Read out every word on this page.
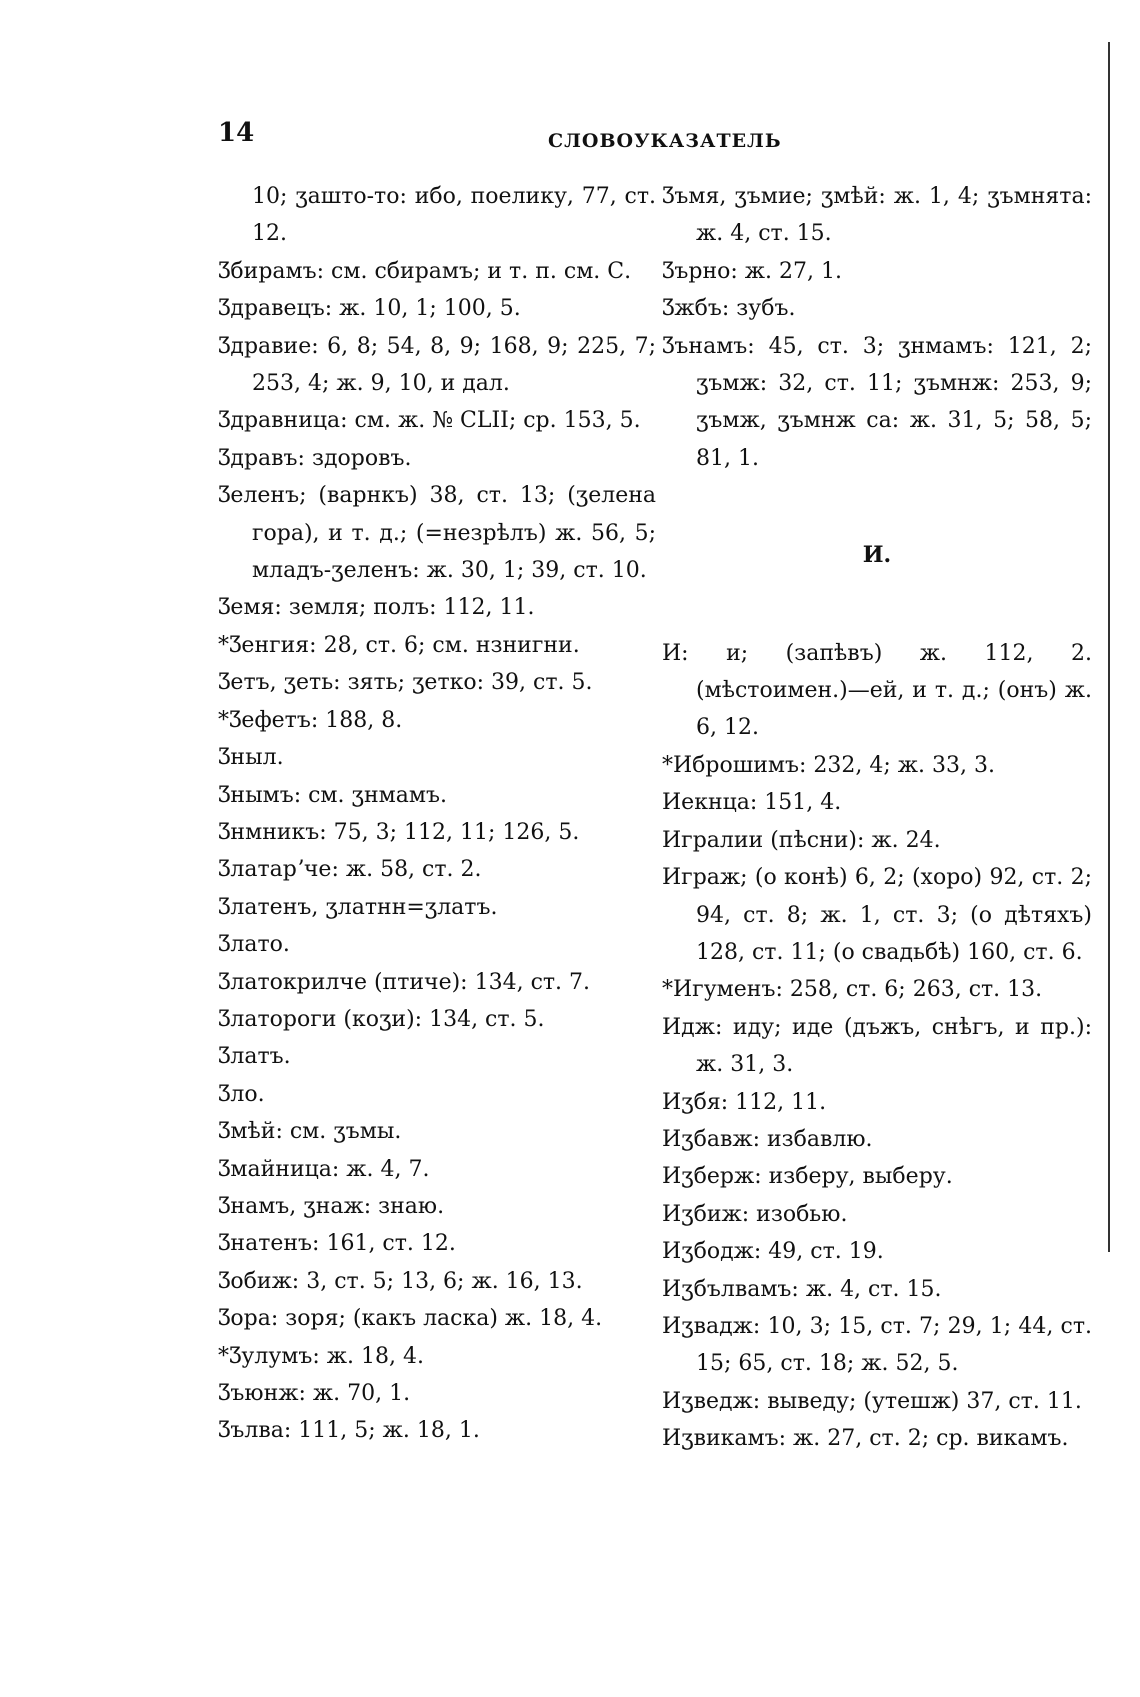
14	СЛОВОУКАЗАТЕЛЬ
10; ʒашто-то: ибо, поелику, 77, ст. 12.
Ʒбирамъ: см. сбирамъ; и т. п. см. С.
Ʒдравецъ: ж. 10, 1; 100, 5.
Ʒдравие: 6, 8; 54, 8, 9; 168, 9; 225, 7; 253, 4; ж. 9, 10, и дал.
Ʒдравница: см. ж. № CLII; ср. 153, 5.
Ʒдравъ: здоровъ.
Ʒеленъ; (варнкъ) 38, ст. 13; (ʒелена гора), и т. д.; (=незрѣлъ) ж. 56, 5; младъ-ʒеленъ: ж. 30, 1; 39, ст. 10.
Ʒемя: земля; полъ: 112, 11.
*Ʒенгия: 28, ст. 6; см. нзнигни.
Ʒетъ, ʒеть: зять; ʒетко: 39, ст. 5.
*Ʒефетъ: 188, 8.
Ʒныл.
Ʒнымъ: см. ʒнмамъ.
Ʒнмникъ: 75, 3; 112, 11; 126, 5.
Ʒлатарʼче: ж. 58, ст. 2.
Ʒлатенъ, ʒлатнн=ʒлатъ.
Ʒлато.
Ʒлатокрилче (птиче): 134, ст. 7.
Ʒлатороги (коʒи): 134, ст. 5.
Ʒлатъ.
Ʒло.
Ʒмѣй: см. ʒъмы.
Ʒмайница: ж. 4, 7.
Ʒнамъ, ʒнаж: знаю.
Ʒнатенъ: 161, ст. 12.
Ʒобиж: 3, ст. 5; 13, 6; ж. 16, 13.
Ʒора: зоря; (какъ ласка) ж. 18, 4.
*Ʒулумъ: ж. 18, 4.
Ʒъюнж: ж. 70, 1.
Ʒълва: 111, 5; ж. 18, 1.
Ʒъмя, ʒъмие; ʒмѣй: ж. 1, 4; ʒъмнята: ж. 4, ст. 15.
Ʒърно: ж. 27, 1.
Ʒжбъ: зубъ.
Ʒънамъ: 45, ст. 3; ʒнмамъ: 121, 2; ʒъмж: 32, ст. 11; ʒъмнж: 253, 9; ʒъмж, ʒъмнж са: ж. 31, 5; 58, 5; 81, 1.
И.
И: и; (запѣвъ) ж. 112, 2. (мѣстоимен.)—ей, и т. д.; (онъ) ж. 6, 12.
*Иброшимъ: 232, 4; ж. 33, 3.
Иекнца: 151, 4.
Игралии (пѣсни): ж. 24.
Играж; (о конѣ) 6, 2; (хоро) 92, ст. 2; 94, ст. 8; ж. 1, ст. 3; (о дѣтяхъ) 128, ст. 11; (о свадьбѣ) 160, ст. 6.
*Игуменъ: 258, ст. 6; 263, ст. 13.
Идж: иду; иде (дъжъ, снѣгъ, и пр.): ж. 31, 3.
Иʒбя: 112, 11.
Иʒбавж: избавлю.
Иʒберж: изберу, выберу.
Иʒбиж: изобью.
Иʒбодж: 49, ст. 19.
Иʒбълвамъ: ж. 4, ст. 15.
Иʒвадж: 10, 3; 15, ст. 7; 29, 1; 44, ст. 15; 65, ст. 18; ж. 52, 5.
Иʒведж: выведу; (утешж) 37, ст. 11.
Иʒвикамъ: ж. 27, ст. 2; ср. викамъ.
